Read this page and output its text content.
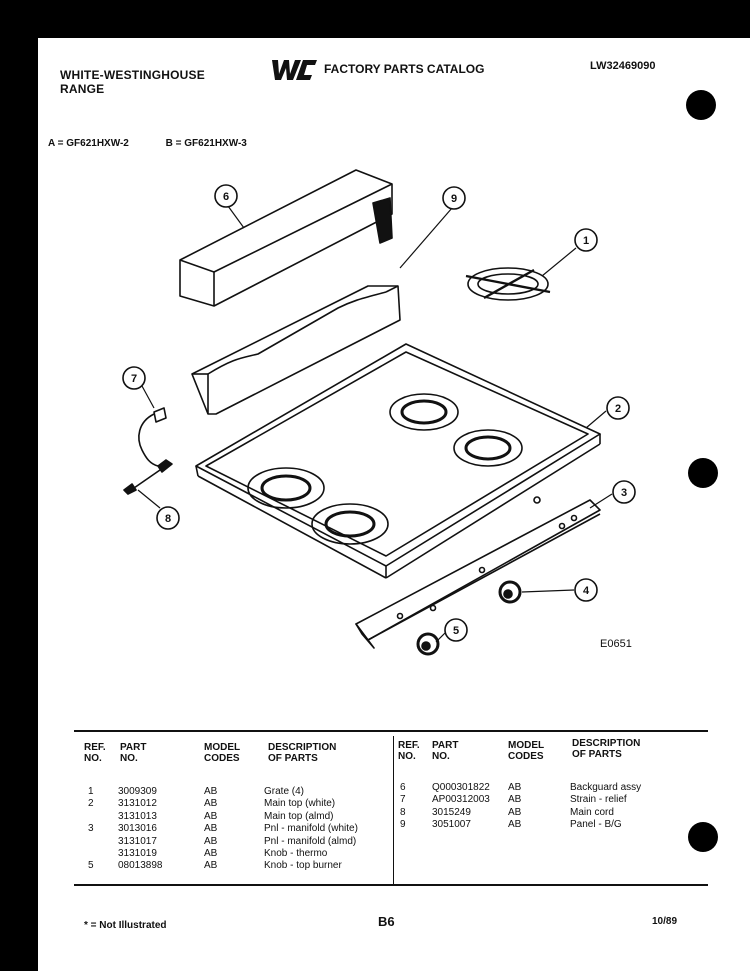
WHITE-WESTINGHOUSE
RANGE
FACTORY PARTS CATALOG	LW32469090
A = GF621HXW-2	B = GF621HXW-3
6	9
1
2
3
4
5
7
8
E0651
REF.
NO.
PART
NO.
MODEL
CODES
DESCRIPTION
OF PARTS
REF.
NO.
PART
NO.
MODEL
CODES
DESCRIPTION
OF PARTS
1 3009309	AB	Grate (4)
2 3131012	AB	Main top (white)
3131013	AB	Main top (almd)
3 3013016	AB	Pnl - manifold (white)
3131017	AB	Pnl - manifold (almd)
3131019	AB	Knob - thermo
5 08013898	AB	Knob - top burner
6	Q000301822 AB	Backguard assy
7	AP00312003 AB	Strain - relief
8	3015249	AB	Main cord
9	3051007	AB	Panel - B/G
* = Not Illustrated	B6	10/89
